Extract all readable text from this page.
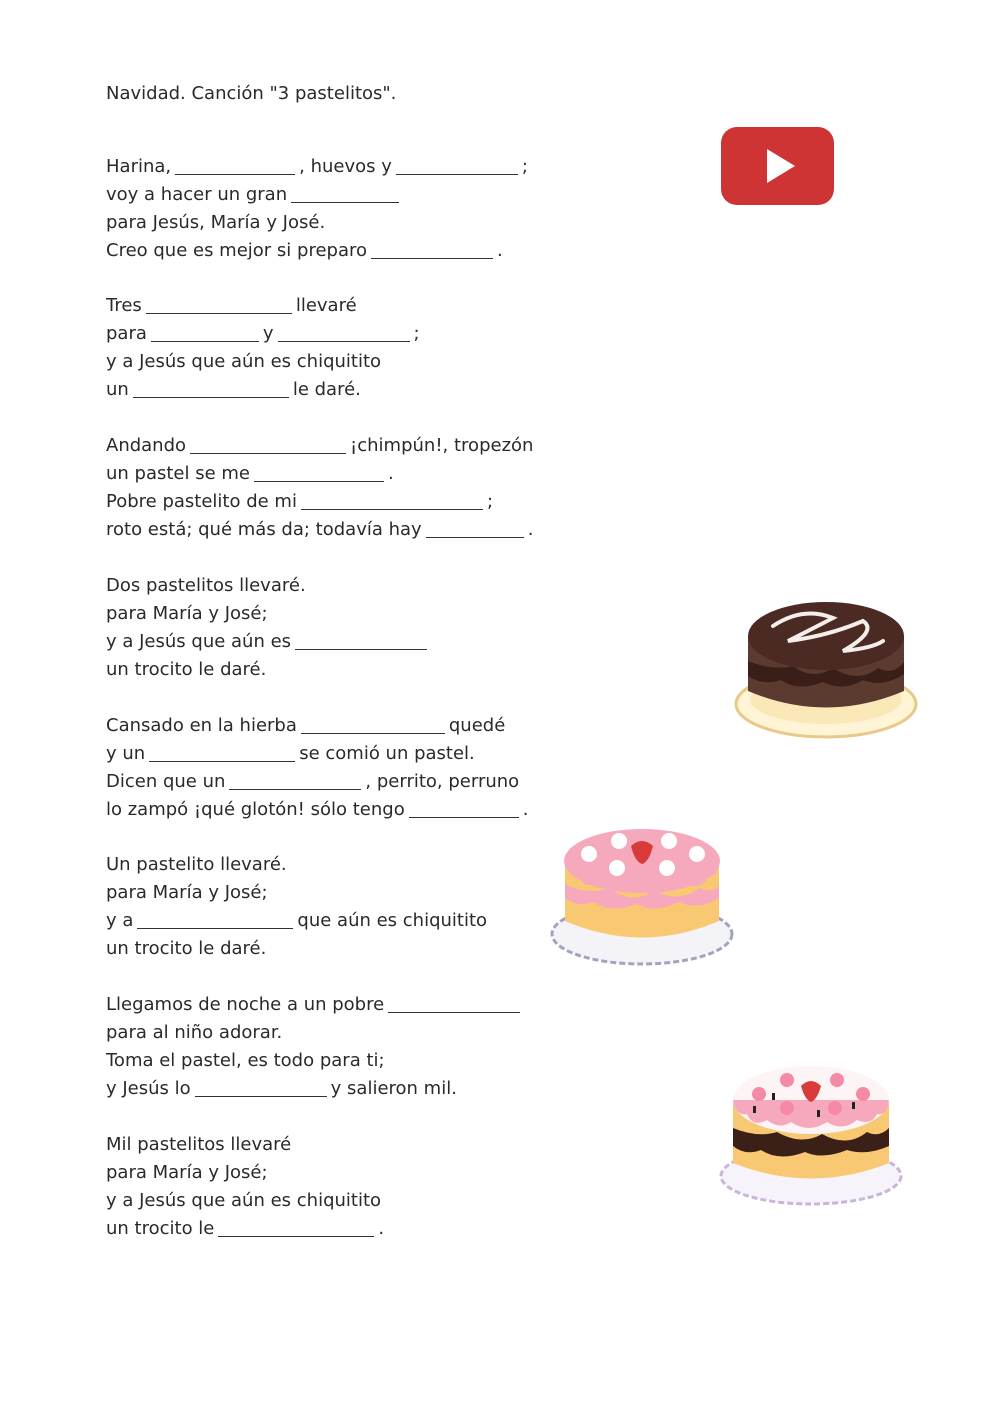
Navidad. Canción "3 pastelitos".
Harina,	, huevos y	;
voy a hacer un gran
para Jesús, María y José.
Creo que es mejor si preparo	.
Tres	llevaré
para	y	;
y a Jesús que aún es chiquitito
un	le daré.
Andando	¡chimpún!, tropezón
un pastel se me	.
Pobre pastelito de mi	;
roto está; qué más da; todavía hay	.
Dos pastelitos llevaré.
para María y José;
y a Jesús que aún es
un trocito le daré.
Cansado en la hierba	quedé
y un	se comió un pastel.
Dicen que un	, perrito, perruno
lo zampó ¡qué glotón! sólo tengo	.
Un pastelito llevaré.
para María y José;
y a	que aún es chiquitito
un trocito le daré.
Llegamos de noche a un pobre
para al niño adorar.
Toma el pastel, es todo para ti;
y Jesús lo	y salieron mil.
Mil pastelitos llevaré
para María y José;
y a Jesús que aún es chiquitito
un trocito le	.
